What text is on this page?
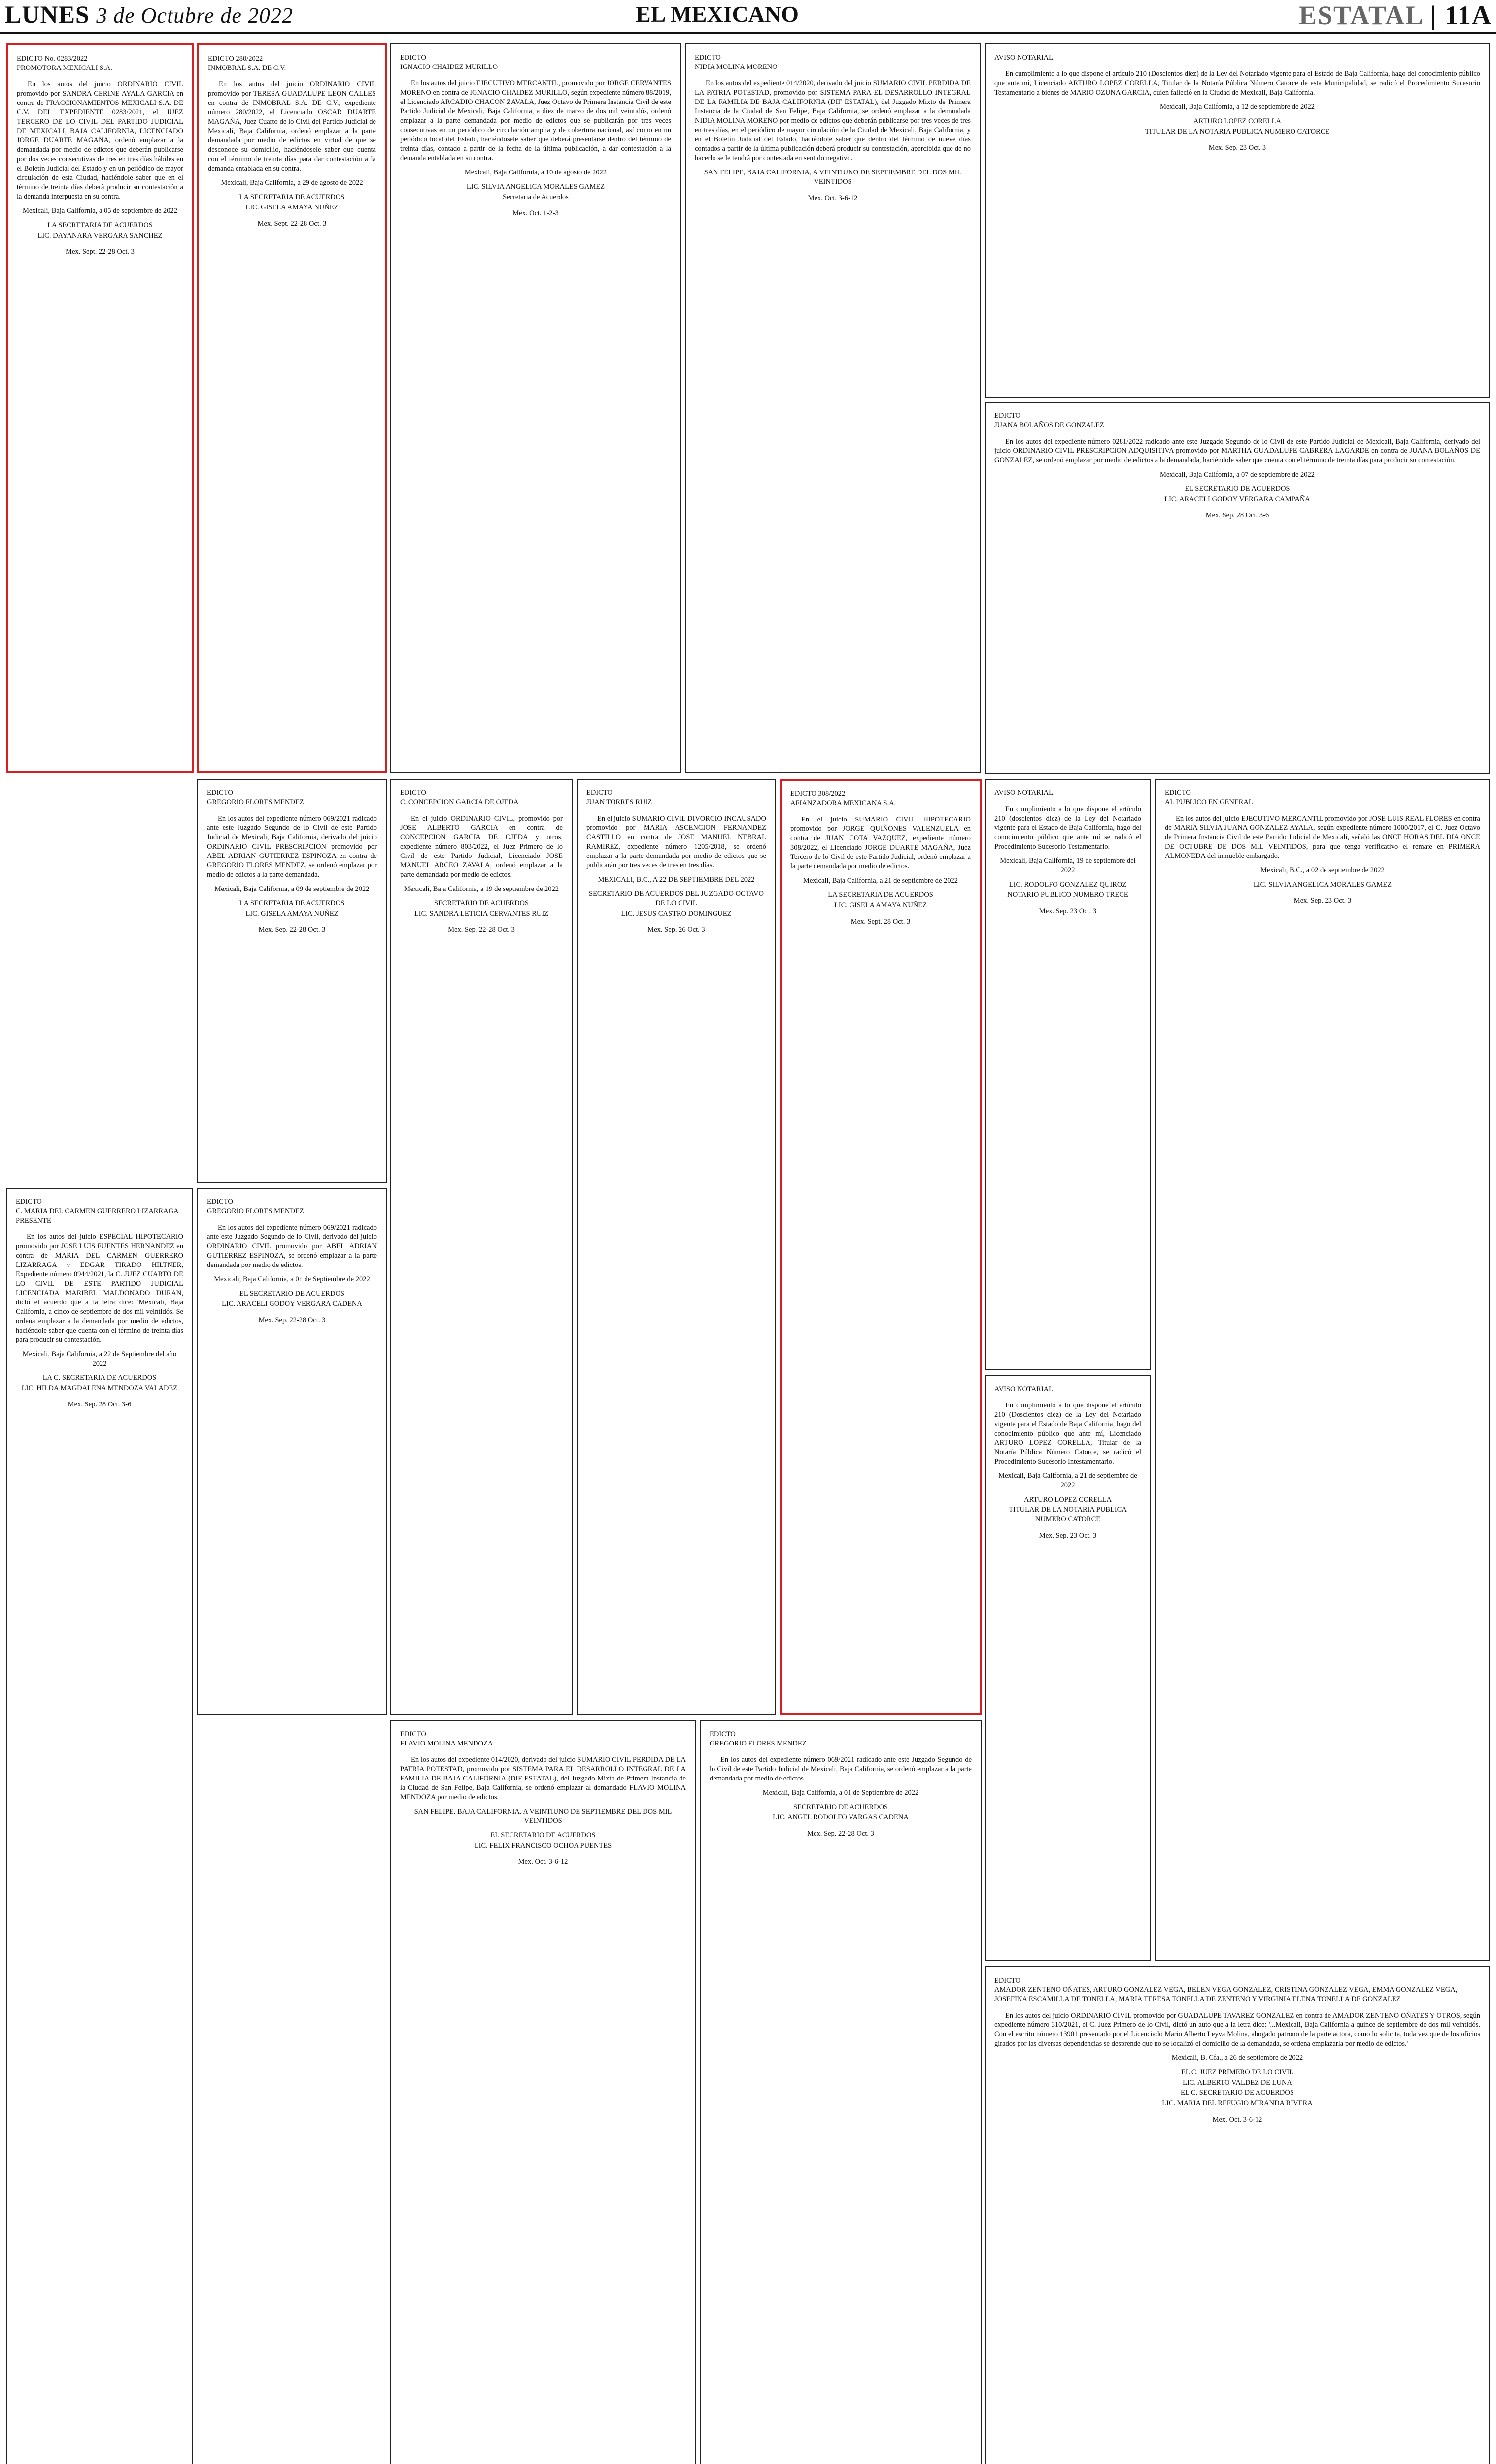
LUNES 3 de Octubre de 2022	EL MEXICANO	ESTATAL | 11A
EDICTO No. 0283/2022
PROMOTORA MEXICALI S.A.

En los autos del juicio ORDINARIO CIVIL promovido por SANDRA CERINE AYALA GARCIA en contra de FRACCIONAMIENTOS MEXICALI S.A. DE C.V. DEL EXPEDIENTE 0283/2021, el JUEZ TERCERO DE LO CIVIL DEL PARTIDO JUDICIAL DE MEXICALI, BAJA CALIFORNIA, LICENCIADO JORGE DUARTE MAGAÑA, ordenó emplazar a la demandada por medio de edictos que deberán publicarse por dos veces consecutivas de tres en tres días hábiles en el Boletín Judicial del Estado y en un periódico de mayor circulación de esta Ciudad, haciéndole saber que en el término de treinta días deberá producir su contestación a la demanda interpuesta en su contra.

Mexicali, Baja California, a 05 de septiembre de 2022

LA SECRETARIA DE ACUERDOS

LIC. DAYANARA VERGARA SANCHEZ

Mex. Sept. 22-28 Oct. 3

EDICTO 280/2022
INMOBRAL S.A. DE C.V.

En los autos del juicio ORDINARIO CIVIL promovido por TERESA GUADALUPE LEON CALLES en contra de INMOBRAL S.A. DE C.V., expediente número 280/2022, el Licenciado OSCAR DUARTE MAGAÑA, Juez Cuarto de lo Civil del Partido Judicial de Mexicali, Baja California, ordenó emplazar a la parte demandada por medio de edictos en virtud de que se desconoce su domicilio, haciéndosele saber que cuenta con el término de treinta días para dar contestación a la demanda entablada en su contra.

Mexicali, Baja California, a 29 de agosto de 2022

LA SECRETARIA DE ACUERDOS

LIC. GISELA AMAYA NUÑEZ

Mex. Sept. 22-28 Oct. 3

EDICTO
IGNACIO CHAIDEZ MURILLO

En los autos del juicio EJECUTIVO MERCANTIL, promovido por JORGE CERVANTES MORENO en contra de IGNACIO CHAIDEZ MURILLO, según expediente número 88/2019, el Licenciado ARCADIO CHACON ZAVALA, Juez Octavo de Primera Instancia Civil de este Partido Judicial de Mexicali, Baja California, a diez de marzo de dos mil veintidós, ordenó emplazar a la parte demandada por medio de edictos que se publicarán por tres veces consecutivas en un periódico de circulación amplia y de cobertura nacional, así como en un periódico local del Estado, haciéndosele saber que deberá presentarse dentro del término de treinta días, contado a partir de la fecha de la última publicación, a dar contestación a la demanda entablada en su contra.

Mexicali, Baja California, a 10 de agosto de 2022

LIC. SILVIA ANGELICA MORALES GAMEZ

Secretaria de Acuerdos

Mex. Oct. 1-2-3

EDICTO
NIDIA MOLINA MORENO

En los autos del expediente 014/2020, derivado del juicio SUMARIO CIVIL PERDIDA DE LA PATRIA POTESTAD, promovido por SISTEMA PARA EL DESARROLLO INTEGRAL DE LA FAMILIA DE BAJA CALIFORNIA (DIF ESTATAL), del Juzgado Mixto de Primera Instancia de la Ciudad de San Felipe, Baja California, se ordenó emplazar a la demandada NIDIA MOLINA MORENO por medio de edictos que deberán publicarse por tres veces de tres en tres días, en el periódico de mayor circulación de la Ciudad de Mexicali, Baja California, y en el Boletín Judicial del Estado, haciéndole saber que dentro del término de nueve días contados a partir de la última publicación deberá producir su contestación, apercibida que de no hacerlo se le tendrá por contestada en sentido negativo.

SAN FELIPE, BAJA CALIFORNIA, A VEINTIUNO DE SEPTIEMBRE DEL DOS MIL VEINTIDOS

Mex. Oct. 3-6-12

AVISO NOTARIAL

En cumplimiento a lo que dispone el artículo 210 (Doscientos diez) de la Ley del Notariado vigente para el Estado de Baja California, hago del conocimiento público que ante mí, Licenciado ARTURO LOPEZ CORELLA, Titular de la Notaría Pública Número Catorce de esta Municipalidad, se radicó el Procedimiento Sucesorio Testamentario a bienes de MARIO OZUNA GARCIA, quien falleció en la Ciudad de Mexicali, Baja California.

Mexicali, Baja California, a 12 de septiembre de 2022

ARTURO LOPEZ CORELLA

TITULAR DE LA NOTARIA PUBLICA NUMERO CATORCE

Mex. Sep. 23 Oct. 3

EDICTO
JUANA BOLAÑOS DE GONZALEZ

En los autos del expediente número 0281/2022 radicado ante este Juzgado Segundo de lo Civil de este Partido Judicial de Mexicali, Baja California, derivado del juicio ORDINARIO CIVIL PRESCRIPCION ADQUISITIVA promovido por MARTHA GUADALUPE CABRERA LAGARDE en contra de JUANA BOLAÑOS DE GONZALEZ, se ordenó emplazar por medio de edictos a la demandada, haciéndole saber que cuenta con el término de treinta días para producir su contestación.

Mexicali, Baja California, a 07 de septiembre de 2022

EL SECRETARIO DE ACUERDOS

LIC. ARACELI GODOY VERGARA CAMPAÑA

Mex. Sep. 28 Oct. 3-6

EDICTO
GREGORIO FLORES MENDEZ

En los autos del expediente número 069/2021 radicado ante este Juzgado Segundo de lo Civil de este Partido Judicial de Mexicali, Baja California, derivado del juicio ORDINARIO CIVIL PRESCRIPCION promovido por ABEL ADRIAN GUTIERREZ ESPINOZA en contra de GREGORIO FLORES MENDEZ, se ordenó emplazar por medio de edictos a la parte demandada.

Mexicali, Baja California, a 09 de septiembre de 2022

LA SECRETARIA DE ACUERDOS

LIC. GISELA AMAYA NUÑEZ

Mex. Sep. 22-28 Oct. 3

EDICTO
C. CONCEPCION GARCIA DE OJEDA

En el juicio ORDINARIO CIVIL, promovido por JOSE ALBERTO GARCIA en contra de CONCEPCION GARCIA DE OJEDA y otros, expediente número 803/2022, el Juez Primero de lo Civil de este Partido Judicial, Licenciado JOSE MANUEL ARCEO ZAVALA, ordenó emplazar a la parte demandada por medio de edictos.

Mexicali, Baja California, a 19 de septiembre de 2022

SECRETARIO DE ACUERDOS

LIC. SANDRA LETICIA CERVANTES RUIZ

Mex. Sep. 22-28 Oct. 3

EDICTO
JUAN TORRES RUIZ

En el juicio SUMARIO CIVIL DIVORCIO INCAUSADO promovido por MARIA ASCENCION FERNANDEZ CASTILLO en contra de JOSE MANUEL NEBRAL RAMIREZ, expediente número 1205/2018, se ordenó emplazar a la parte demandada por medio de edictos que se publicarán por tres veces de tres en tres días.

MEXICALI, B.C., A 22 DE SEPTIEMBRE DEL 2022

SECRETARIO DE ACUERDOS DEL JUZGADO OCTAVO DE LO CIVIL

LIC. JESUS CASTRO DOMINGUEZ

Mex. Sep. 26 Oct. 3

EDICTO 308/2022
AFIANZADORA MEXICANA S.A.

En el juicio SUMARIO CIVIL HIPOTECARIO promovido por JORGE QUIÑONES VALENZUELA en contra de JUAN COTA VAZQUEZ, expediente número 308/2022, el Licenciado JORGE DUARTE MAGAÑA, Juez Tercero de lo Civil de este Partido Judicial, ordenó emplazar a la parte demandada por medio de edictos.

Mexicali, Baja California, a 21 de septiembre de 2022

LA SECRETARIA DE ACUERDOS

LIC. GISELA AMAYA NUÑEZ

Mex. Sept. 28 Oct. 3

EDICTO
C. MARIA DEL CARMEN GUERRERO LIZARRAGA
PRESENTE

En los autos del juicio ESPECIAL HIPOTECARIO promovido por JOSE LUIS FUENTES HERNANDEZ en contra de MARIA DEL CARMEN GUERRERO LIZARRAGA y EDGAR TIRADO HILTNER, Expediente número 0944/2021, la C. JUEZ CUARTO DE LO CIVIL DE ESTE PARTIDO JUDICIAL LICENCIADA MARIBEL MALDONADO DURAN, dictó el acuerdo que a la letra dice: 'Mexicali, Baja California, a cinco de septiembre de dos mil veintidós. Se ordena emplazar a la demandada por medio de edictos, haciéndole saber que cuenta con el término de treinta días para producir su contestación.'

Mexicali, Baja California, a 22 de Septiembre del año 2022

LA C. SECRETARIA DE ACUERDOS

LIC. HILDA MAGDALENA MENDOZA VALADEZ

Mex. Sep. 28 Oct. 3-6

EDICTO
GREGORIO FLORES MENDEZ

En los autos del expediente número 069/2021 radicado ante este Juzgado Segundo de lo Civil, derivado del juicio ORDINARIO CIVIL promovido por ABEL ADRIAN GUTIERREZ ESPINOZA, se ordenó emplazar a la parte demandada por medio de edictos.

Mexicali, Baja California, a 01 de Septiembre de 2022

EL SECRETARIO DE ACUERDOS

LIC. ARACELI GODOY VERGARA CADENA

Mex. Sep. 22-28 Oct. 3

EDICTO
FLAVIO MOLINA MENDOZA

En los autos del expediente 014/2020, derivado del juicio SUMARIO CIVIL PERDIDA DE LA PATRIA POTESTAD, promovido por SISTEMA PARA EL DESARROLLO INTEGRAL DE LA FAMILIA DE BAJA CALIFORNIA (DIF ESTATAL), del Juzgado Mixto de Primera Instancia de la Ciudad de San Felipe, Baja California, se ordenó emplazar al demandado FLAVIO MOLINA MENDOZA por medio de edictos.

SAN FELIPE, BAJA CALIFORNIA, A VEINTIUNO DE SEPTIEMBRE DEL DOS MIL VEINTIDOS

EL SECRETARIO DE ACUERDOS

LIC. FELIX FRANCISCO OCHOA PUENTES

Mex. Oct. 3-6-12

EDICTO
GREGORIO FLORES MENDEZ

En los autos del expediente número 069/2021 radicado ante este Juzgado Segundo de lo Civil de este Partido Judicial de Mexicali, Baja California, se ordenó emplazar a la parte demandada por medio de edictos.

Mexicali, Baja California, a 01 de Septiembre de 2022

SECRETARIO DE ACUERDOS

LIC. ANGEL RODOLFO VARGAS CADENA

Mex. Sep. 22-28 Oct. 3

AVISO NOTARIAL

En cumplimiento a lo que dispone el artículo 210 (doscientos diez) de la Ley del Notariado vigente para el Estado de Baja California, hago del conocimiento público que ante mí se radicó el Procedimiento Sucesorio Testamentario.

Mexicali, Baja California, 19 de septiembre del 2022

LIC. RODOLFO GONZALEZ QUIROZ

NOTARIO PUBLICO NUMERO TRECE

Mex. Sep. 23 Oct. 3

AVISO NOTARIAL

En cumplimiento a lo que dispone el artículo 210 (Doscientos diez) de la Ley del Notariado vigente para el Estado de Baja California, hago del conocimiento público que ante mí, Licenciado ARTURO LOPEZ CORELLA, Titular de la Notaría Pública Número Catorce, se radicó el Procedimiento Sucesorio Intestamentario.

Mexicali, Baja California, a 21 de septiembre de 2022

ARTURO LOPEZ CORELLA

TITULAR DE LA NOTARIA PUBLICA NUMERO CATORCE

Mex. Sep. 23 Oct. 3

EDICTO
AL PUBLICO EN GENERAL

En los autos del juicio EJECUTIVO MERCANTIL promovido por JOSE LUIS REAL FLORES en contra de MARIA SILVIA JUANA GONZALEZ AYALA, según expediente número 1000/2017, el C. Juez Octavo de Primera Instancia Civil de este Partido Judicial de Mexicali, señaló las ONCE HORAS DEL DIA ONCE DE OCTUBRE DE DOS MIL VEINTIDOS, para que tenga verificativo el remate en PRIMERA ALMONEDA del inmueble embargado.

Mexicali, B.C., a 02 de septiembre de 2022

LIC. SILVIA ANGELICA MORALES GAMEZ

Mex. Sep. 23 Oct. 3

EDICTO
AMADOR ZENTENO OÑATES, ARTURO GONZALEZ VEGA, BELEN VEGA GONZALEZ, CRISTINA GONZALEZ VEGA, EMMA GONZALEZ VEGA, JOSEFINA ESCAMILLA DE TONELLA, MARIA TERESA TONELLA DE ZENTENO Y VIRGINIA ELENA TONELLA DE GONZALEZ

En los autos del juicio ORDINARIO CIVIL promovido por GUADALUPE TAVAREZ GONZALEZ en contra de AMADOR ZENTENO OÑATES Y OTROS, según expediente número 310/2021, el C. Juez Primero de lo Civil, dictó un auto que a la letra dice: '...Mexicali, Baja California a quince de septiembre de dos mil veintidós. Con el escrito número 13901 presentado por el Licenciado Mario Alberto Leyva Molina, abogado patrono de la parte actora, como lo solicita, toda vez que de los oficios girados por las diversas dependencias se desprende que no se localizó el domicilio de la demandada, se ordena emplazarla por medio de edictos.'

Mexicali, B. Cfa., a 26 de septiembre de 2022

EL C. JUEZ PRIMERO DE LO CIVIL

LIC. ALBERTO VALDEZ DE LUNA

EL C. SECRETARIO DE ACUERDOS

LIC. MARIA DEL REFUGIO MIRANDA RIVERA

Mex. Oct. 3-6-12
